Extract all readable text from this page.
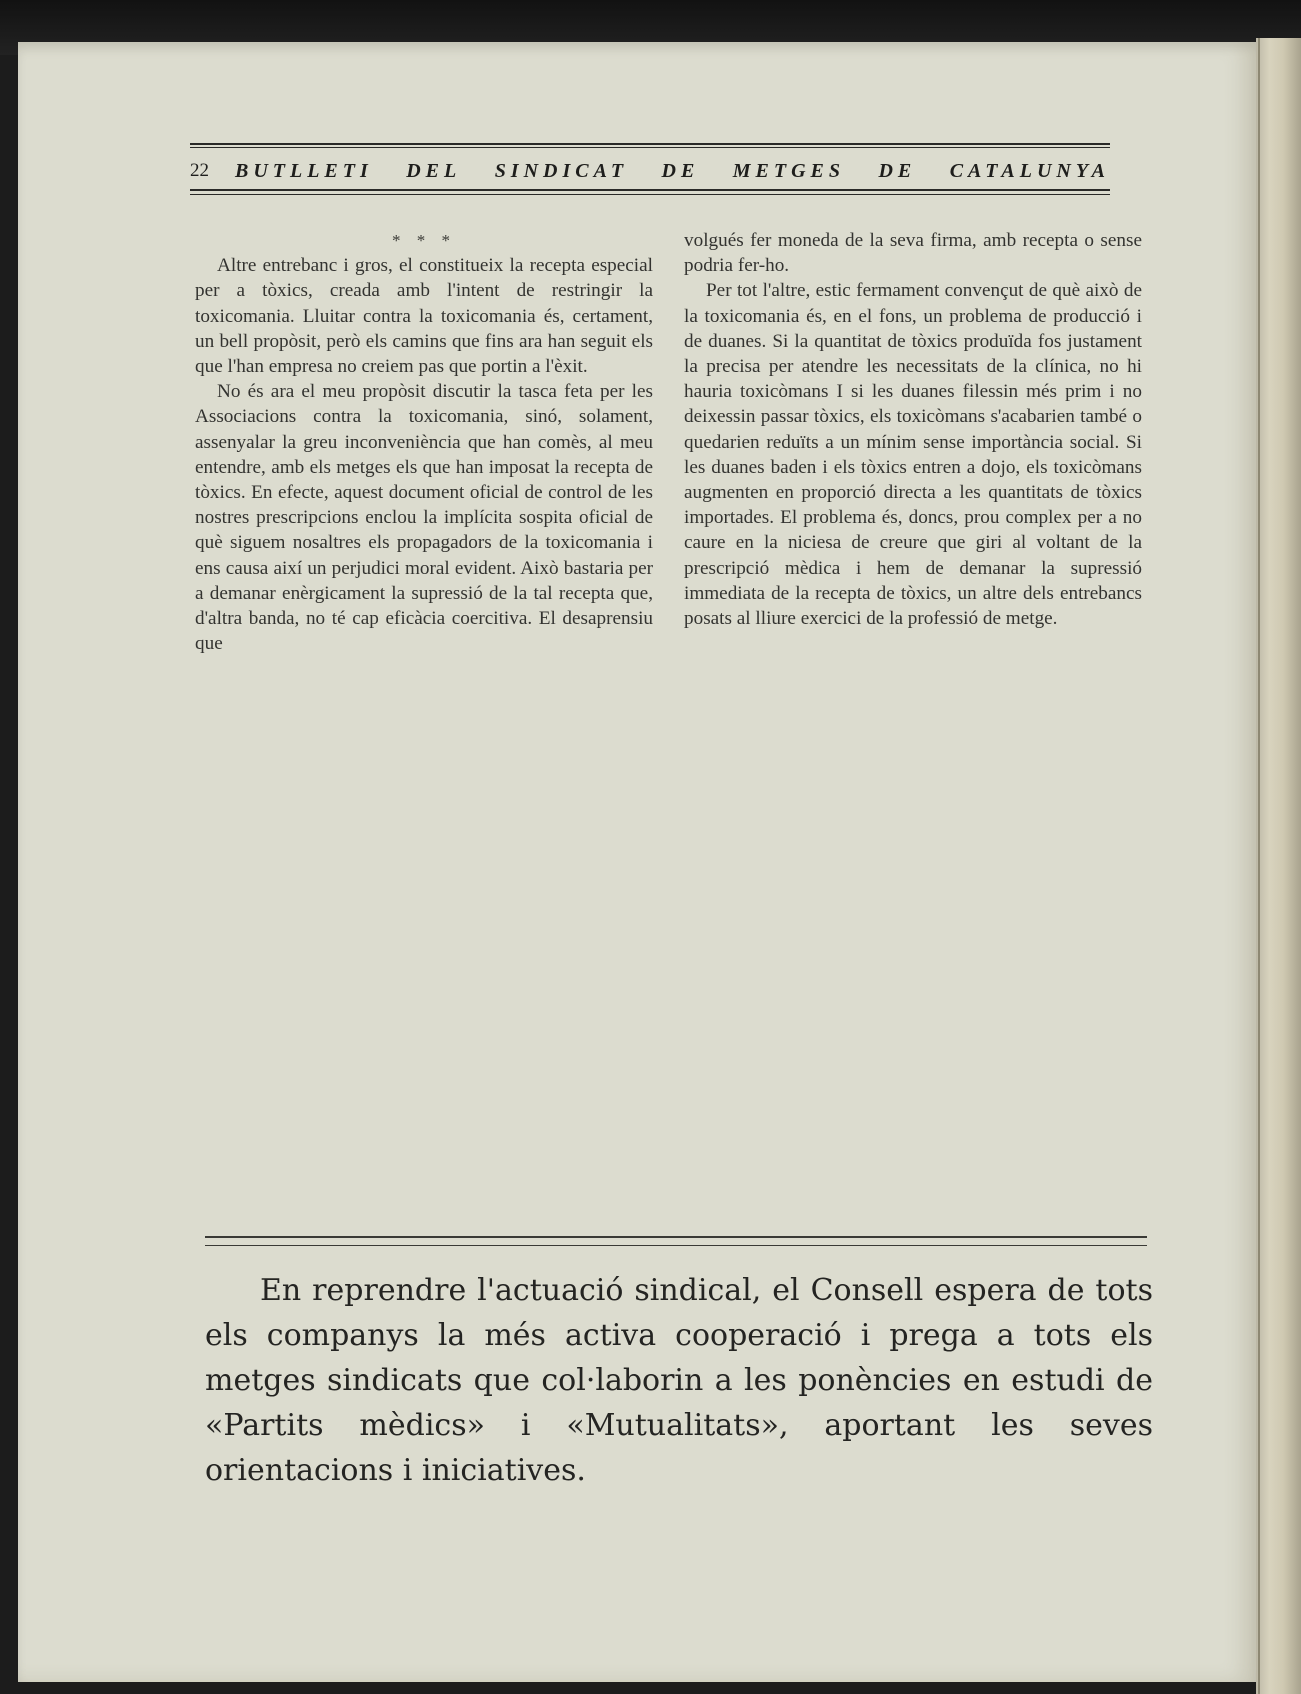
22 BUTLLETI DEL SINDICAT DE METGES DE CATALUNYA

* * *

Altre entrebanc i gros, el constitueix la recepta especial per a tòxics, creada amb l'intent de restringir la toxicomania. Lluitar contra la toxicomania és, certament, un bell propòsit, però els camins que fins ara han seguit els que l'han empresa no creiem pas que portin a l'èxit.

No és ara el meu propòsit discutir la tasca feta per les Associacions contra la toxicomania, sinó, solament, assenyalar la greu inconveniència que han comès, al meu entendre, amb els metges els que han imposat la recepta de tòxics. En efecte, aquest document oficial de control de les nostres prescripcions enclou la implícita sospita oficial de què siguem nosaltres els propagadors de la toxicomania i ens causa així un perjudici moral evident. Això bastaria per a demanar enèrgicament la supressió de la tal recepta que, d'altra banda, no té cap eficàcia coercitiva. El desaprensiu que

volgués fer moneda de la seva firma, amb recepta o sense podria fer-ho.

Per tot l'altre, estic fermament convençut de què això de la toxicomania és, en el fons, un problema de producció i de duanes. Si la quantitat de tòxics produïda fos justament la precisa per atendre les necessitats de la clínica, no hi hauria toxicòmans I si les duanes filessin més prim i no deixessin passar tòxics, els toxicòmans s'acabarien també o quedarien reduïts a un mínim sense importància social. Si les duanes baden i els tòxics entren a dojo, els toxicòmans augmenten en proporció directa a les quantitats de tòxics importades. El problema és, doncs, prou complex per a no caure en la niciesa de creure que giri al voltant de la prescripció mèdica i hem de demanar la supressió immediata de la recepta de tòxics, un altre dels entrebancs posats al lliure exercici de la professió de metge.

En reprendre l'actuació sindical, el Consell espera de tots els companys la més activa cooperació i prega a tots els metges sindicats que col·laborin a les ponències en estudi de «Partits mèdics» i «Mutualitats», aportant les seves orientacions i iniciatives.
